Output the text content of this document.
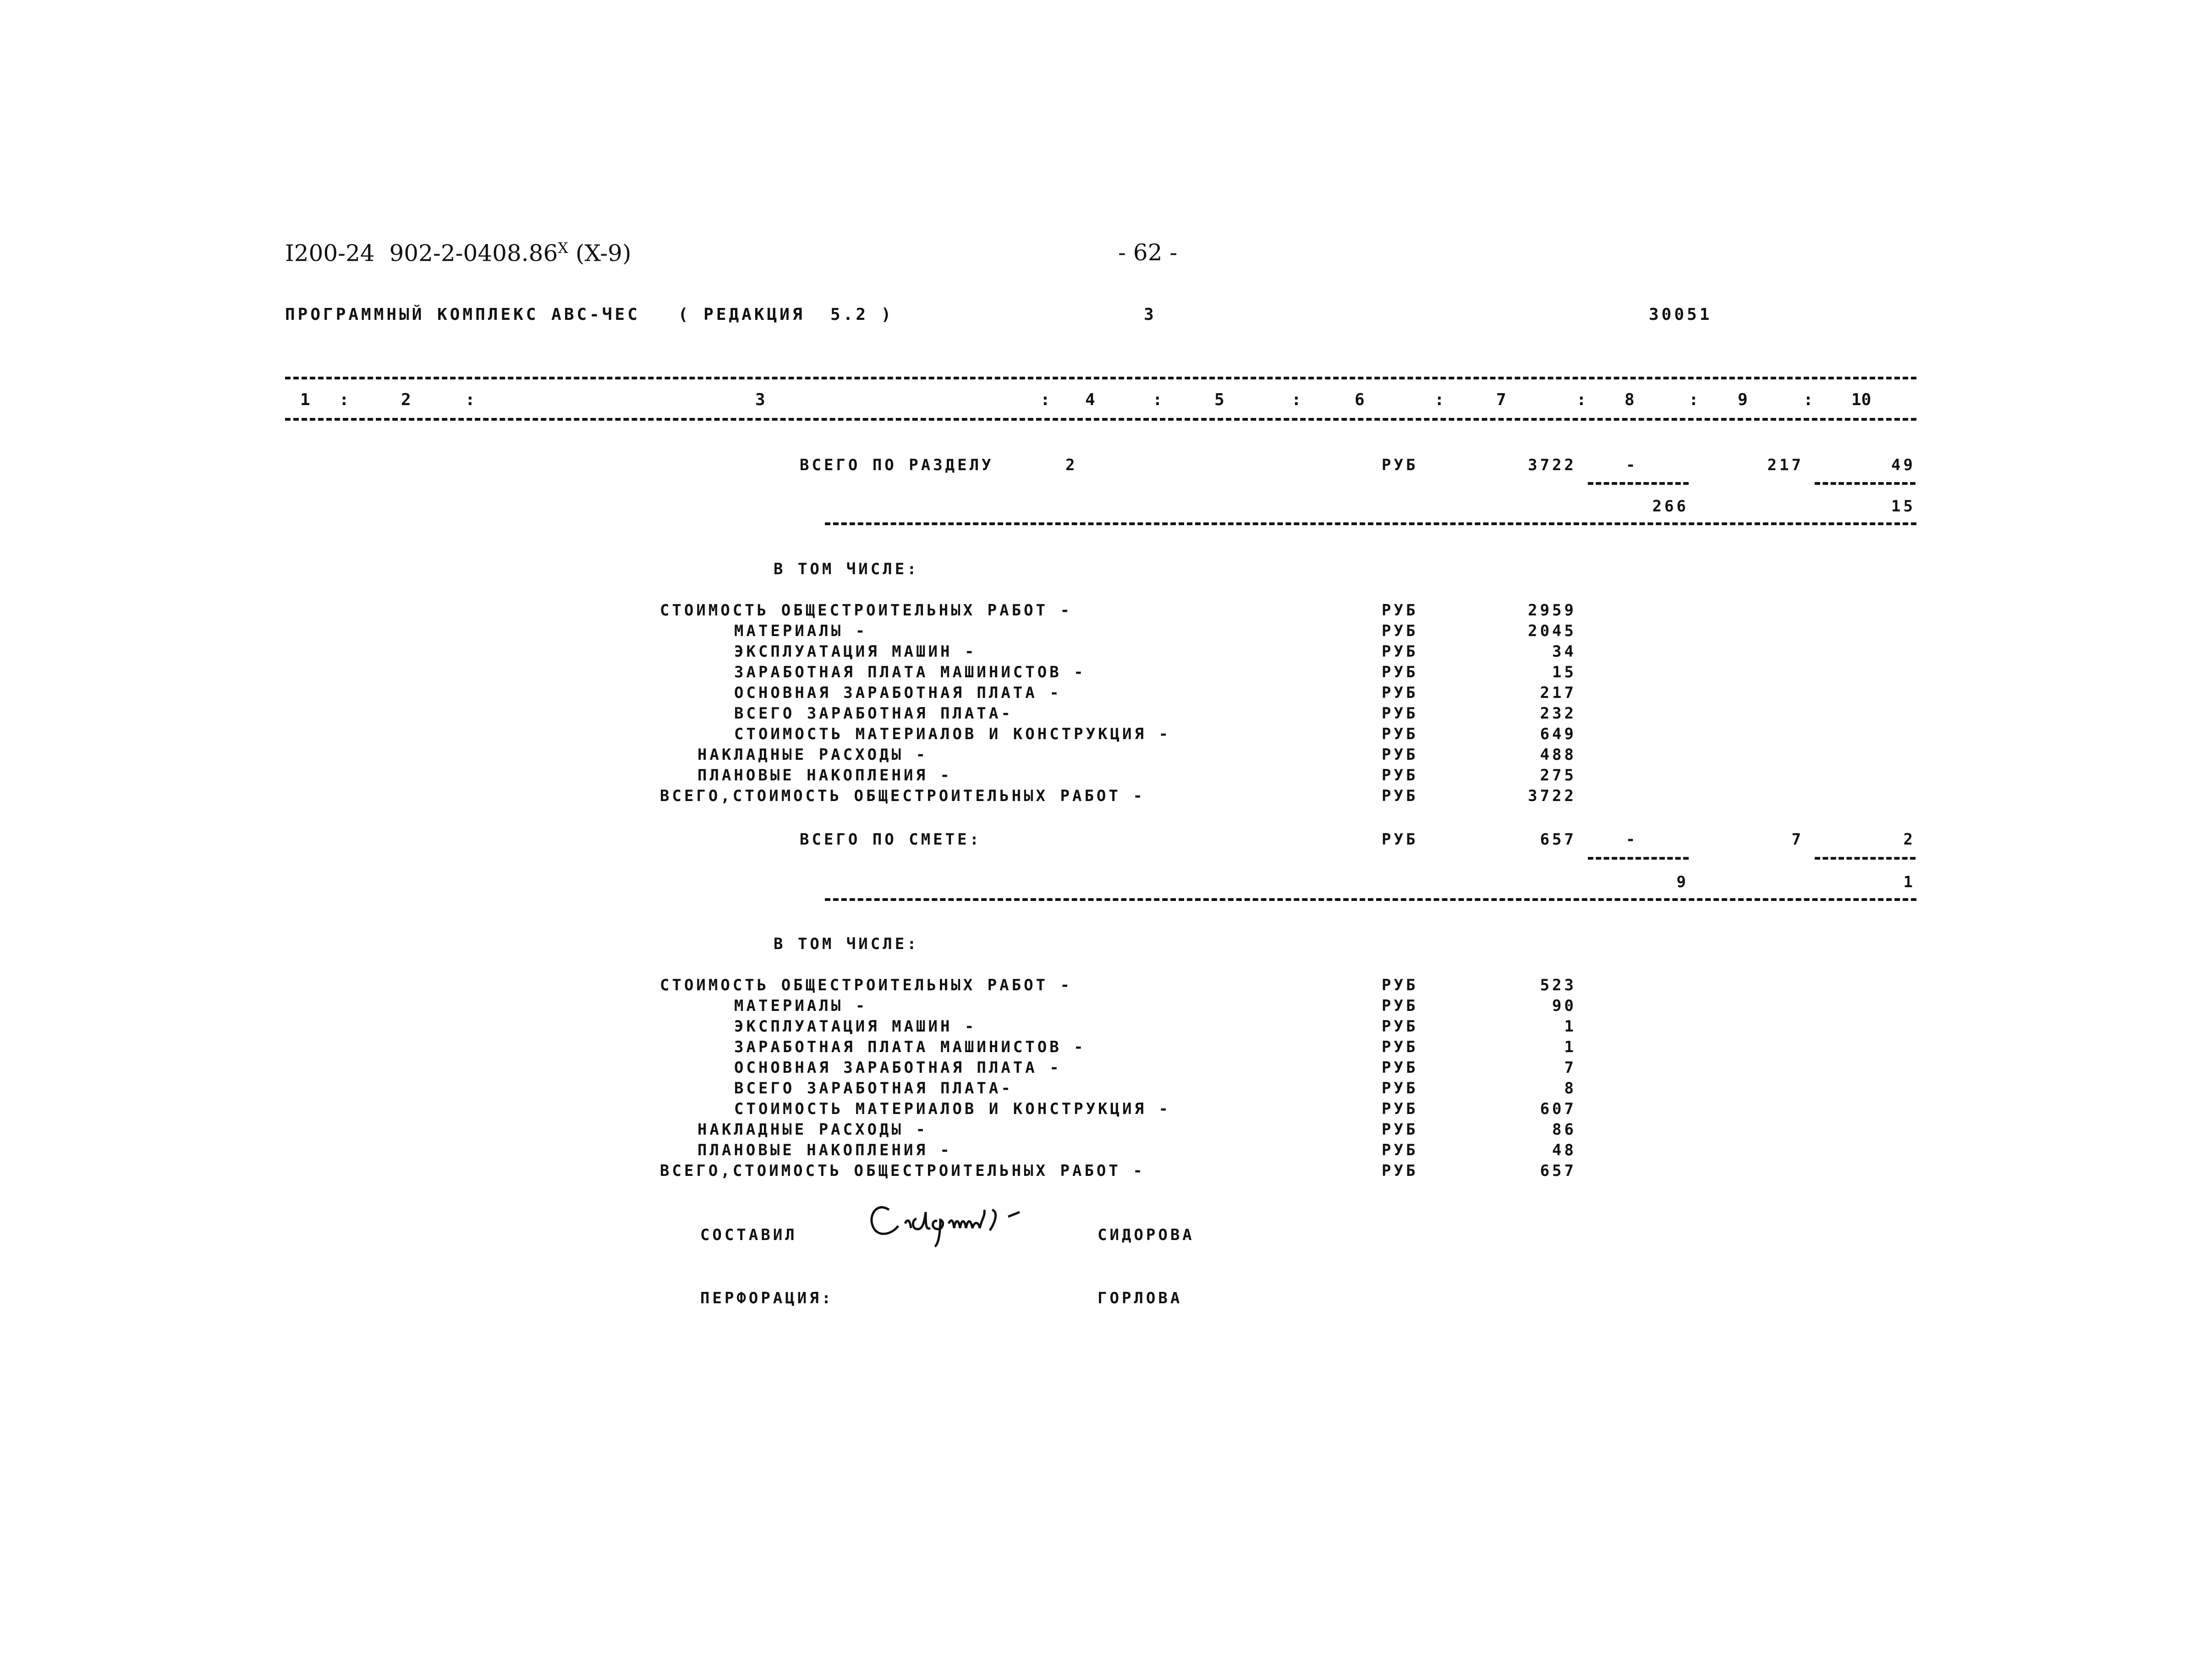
I200-24  $902-2-0408.86^X$ (X-9)	- 62 -
ПРОГРАММНЫЙ КОМПЛЕКС АВС-ЧЕС   ( РЕДАКЦИЯ  5.2 )	3	30051
1 :	2	:	3	: 4	:	5	:	6	:	7	: 8	: 9	: 10
ВСЕГО ПО РАЗДЕЛУ	2	РУБ	3722	-	217	49
266	15
В ТОМ ЧИСЛЕ:
СТОИМОСТЬ ОБЩЕСТРОИТЕЛЬНЫХ РАБОТ -	РУБ	2959
МАТЕРИАЛЫ -	РУБ	2045
ЭКСПЛУАТАЦИЯ МАШИН -	РУБ	34
ЗАРАБОТНАЯ ПЛАТА МАШИНИСТОВ -	РУБ	15
ОСНОВНАЯ ЗАРАБОТНАЯ ПЛАТА -	РУБ	217
ВСЕГО ЗАРАБОТНАЯ ПЛАТА-	РУБ	232
СТОИМОСТЬ МАТЕРИАЛОВ И КОНСТРУКЦИЯ -	РУБ	649
НАКЛАДНЫЕ РАСХОДЫ -	РУБ	488
ПЛАНОВЫЕ НАКОПЛЕНИЯ -	РУБ	275
ВСЕГО,СТОИМОСТЬ ОБЩЕСТРОИТЕЛЬНЫХ РАБОТ -	РУБ	3722
ВСЕГО ПО СМЕТЕ:	РУБ	657	-	7	2
9	1
В ТОМ ЧИСЛЕ:
СТОИМОСТЬ ОБЩЕСТРОИТЕЛЬНЫХ РАБОТ -	РУБ	523
МАТЕРИАЛЫ -	РУБ	90
ЭКСПЛУАТАЦИЯ МАШИН -	РУБ	1
ЗАРАБОТНАЯ ПЛАТА МАШИНИСТОВ -	РУБ	1
ОСНОВНАЯ ЗАРАБОТНАЯ ПЛАТА -	РУБ	7
ВСЕГО ЗАРАБОТНАЯ ПЛАТА-	РУБ	8
СТОИМОСТЬ МАТЕРИАЛОВ И КОНСТРУКЦИЯ -	РУБ	607
НАКЛАДНЫЕ РАСХОДЫ -	РУБ	86
ПЛАНОВЫЕ НАКОПЛЕНИЯ -	РУБ	48
ВСЕГО,СТОИМОСТЬ ОБЩЕСТРОИТЕЛЬНЫХ РАБОТ -	РУБ	657
СОСТАВИЛ	СИДОРОВА
ПЕРФОРАЦИЯ:	ГОРЛОВА
